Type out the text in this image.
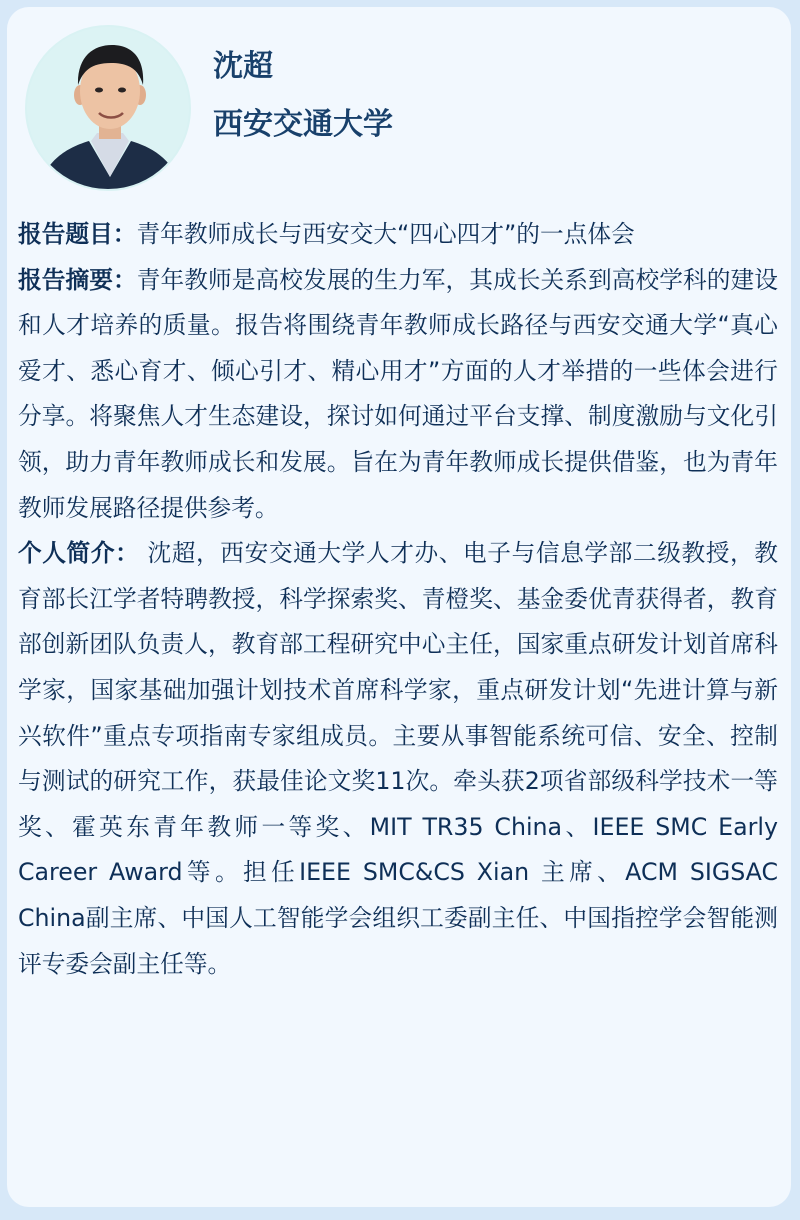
沈超
西安交通大学

报告题目：青年教师成长与西安交大“四心四才”的一点体会

报告摘要：青年教师是高校发展的生力军，其成长关系到高校学科的建设和人才培养的质量。报告将围绕青年教师成长路径与西安交通大学“真心爱才、悉心育才、倾心引才、精心用才”方面的人才举措的一些体会进行分享。将聚焦人才生态建设，探讨如何通过平台支撑、制度激励与文化引领，助力青年教师成长和发展。旨在为青年教师成长提供借鉴，也为青年教师发展路径提供参考。

个人简介： 沈超，西安交通大学人才办、电子与信息学部二级教授，教育部长江学者特聘教授，科学探索奖、青橙奖、基金委优青获得者，教育部创新团队负责人，教育部工程研究中心主任，国家重点研发计划首席科学家，国家基础加强计划技术首席科学家，重点研发计划“先进计算与新兴软件”重点专项指南专家组成员。主要从事智能系统可信、安全、控制与测试的研究工作，获最佳论文奖11次。牵头获2项省部级科学技术一等奖、霍英东青年教师一等奖、MIT TR35 China、IEEE SMC Early Career Award等。担任IEEE SMC&CS Xian 主席、ACM SIGSAC China副主席、中国人工智能学会组织工委副主任、中国指控学会智能测评专委会副主任等。
